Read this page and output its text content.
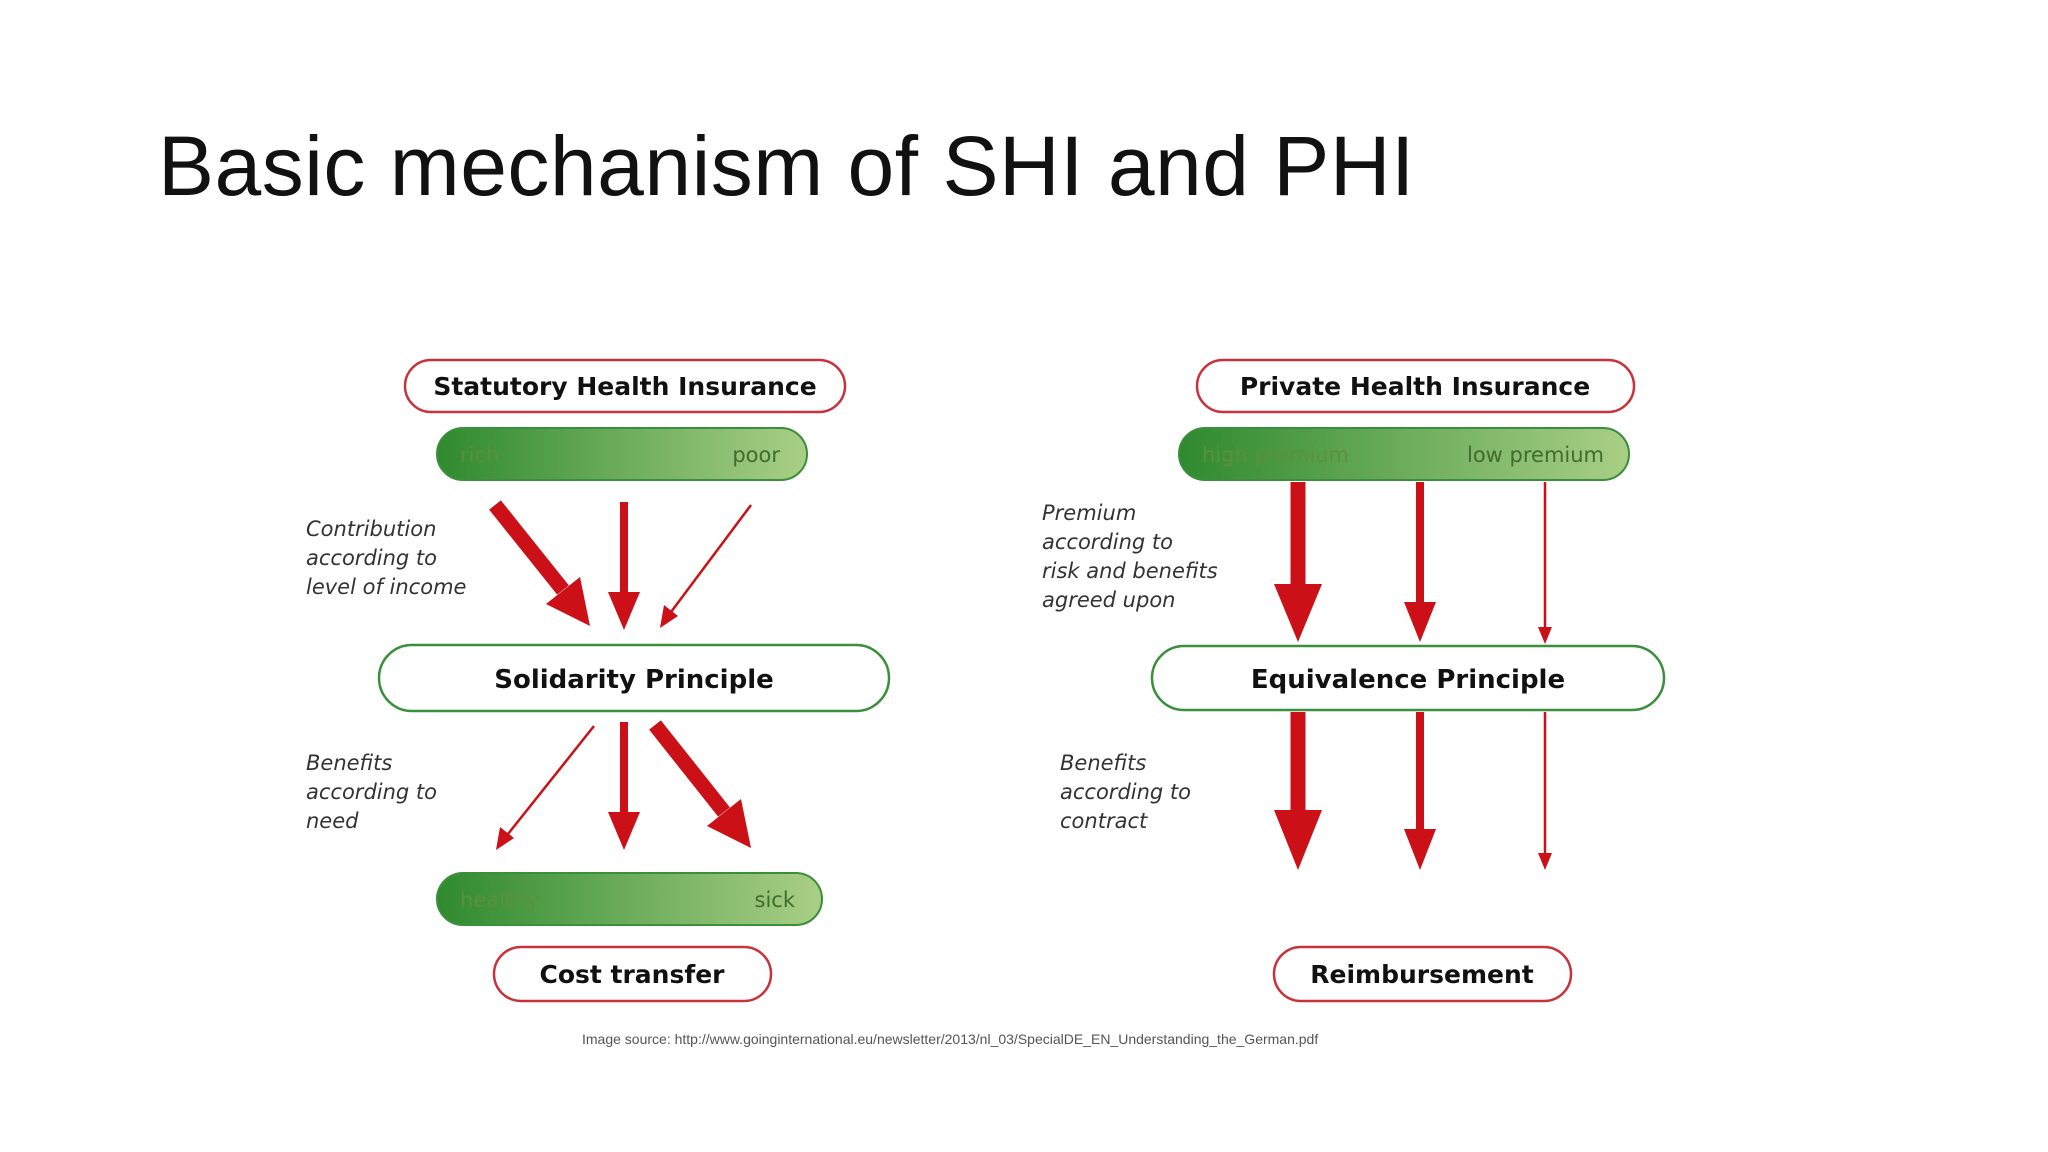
Basic mechanism of SHI and PHI
Statutory Health Insurance
rich	poor
Contribution
according to
level of income
Solidarity Principle
Benefits
according to
need
healthy	sick
Cost transfer
Private Health Insurance
high premium	low premium
Premium
according to
risk and benefits
agreed upon
Equivalence Principle
Benefits
according to
contract
Reimbursement
Image source: http://www.goinginternational.eu/newsletter/2013/nl_03/SpecialDE_EN_Understanding_the_German.pdf
